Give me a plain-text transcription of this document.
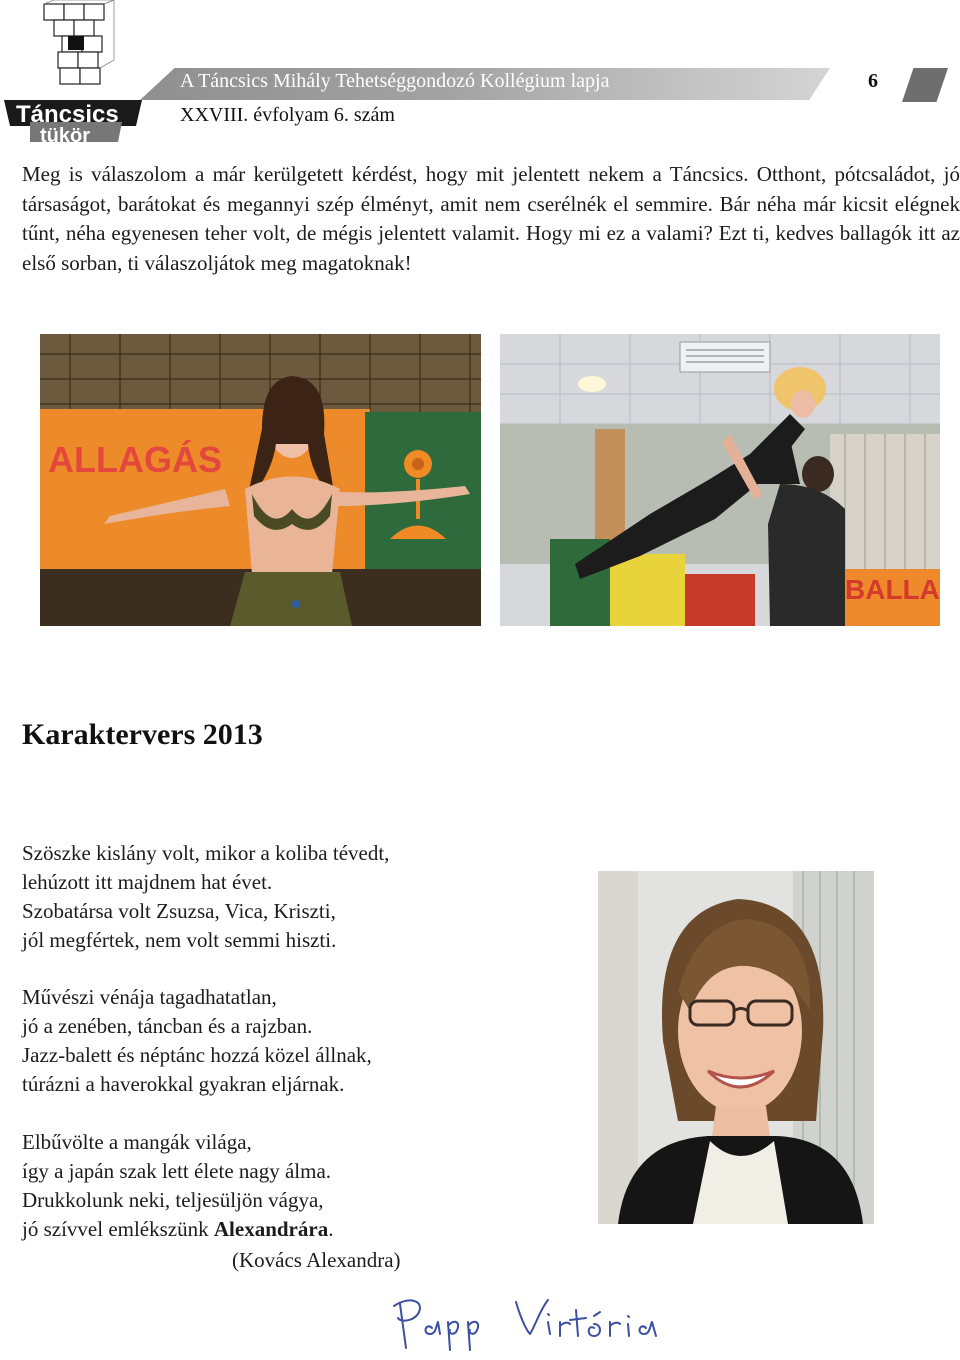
Táncsics
tükör
A Táncsics Mihály Tehetséggondozó Kollégium lapja	6
XXVIII. évfolyam 6. szám

Meg is válaszolom a már kerülgetett kérdést, hogy mit jelentett nekem a Táncsics. Otthont, pótcsaládot, jó társaságot, barátokat és megannyi szép élményt, amit nem cserélnék el semmire. Bár néha már kicsit elégnek tűnt, néha egyenesen teher volt, de mégis jelentett valamit. Hogy mi ez a valami? Ezt ti, kedves ballagók itt az első sorban, ti válaszoljátok meg magatoknak!

ALLAGÁS
BALLA
Karaktervers 2013
Szöszke kislány volt, mikor a koliba tévedt,
lehúzott itt majdnem hat évet.
Szobatársa volt Zsuzsa, Vica, Kriszti,
jól megfértek, nem volt semmi hiszti.
Művészi vénája tagadhatatlan,
jó a zenében, táncban és a rajzban.
Jazz-balett és néptánc hozzá közel állnak,
túrázni a haverokkal gyakran eljárnak.
Elbűvölte a mangák világa,
így a japán szak lett élete nagy álma.
Drukkolunk neki, teljesüljön vágya,
jó szívvel emlékszünk Alexandrára.
(Kovács Alexandra)
